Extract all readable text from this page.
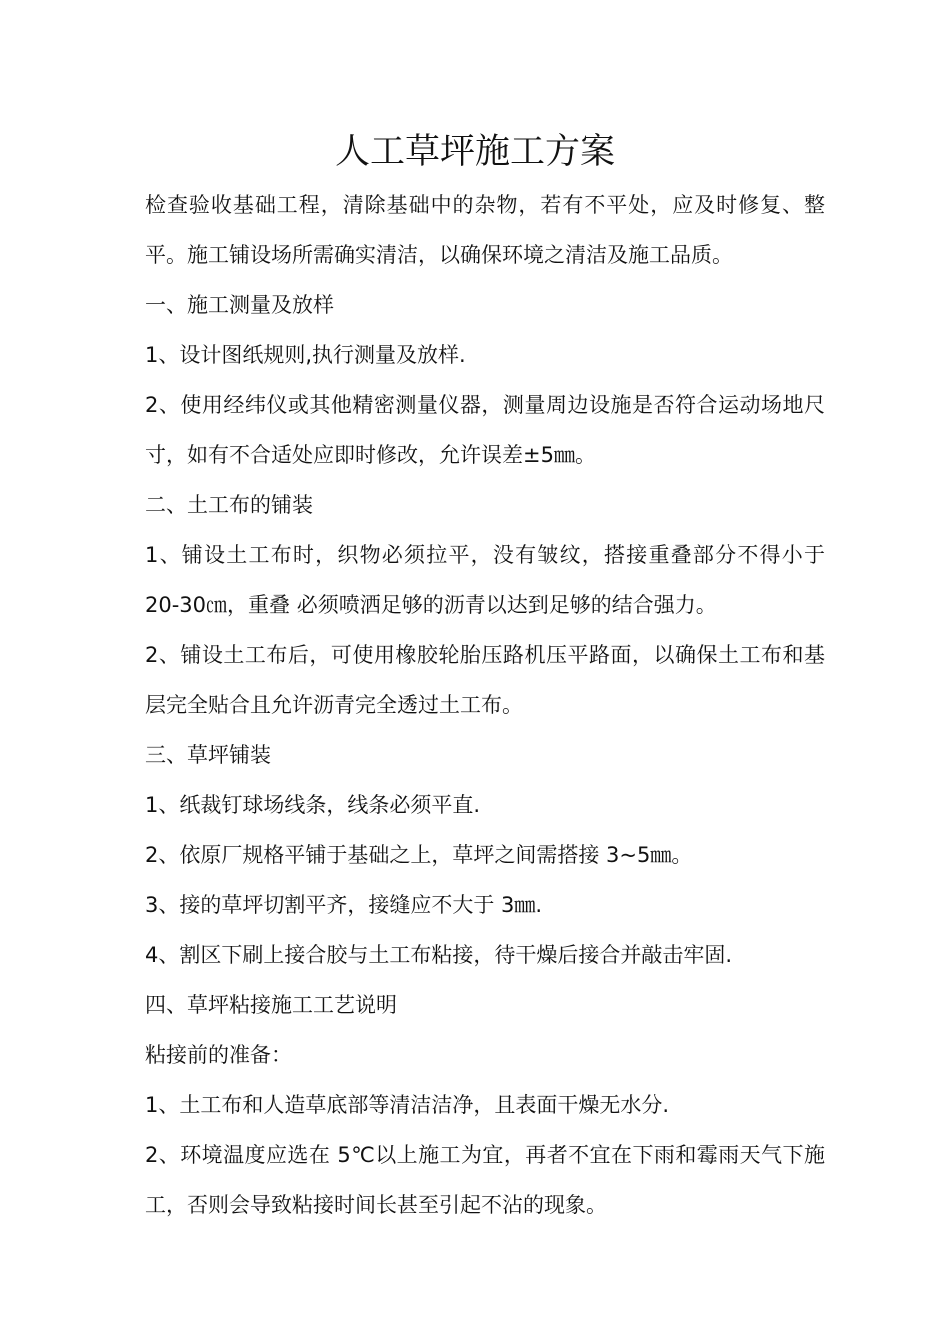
人工草坪施工方案

检查验收基础工程，清除基础中的杂物，若有不平处，应及时修复、整平。施工铺设场所需确实清洁，以确保环境之清洁及施工品质。

一、施工测量及放样

1、设计图纸规则,执行测量及放样.

2、使用经纬仪或其他精密测量仪器，测量周边设施是否符合运动场地尺寸，如有不合适处应即时修改，允许误差±5㎜。

二、土工布的铺装

1、铺设土工布时，织物必须拉平，没有皱纹，搭接重叠部分不得小于 20-30㎝，重叠 必须喷洒足够的沥青以达到足够的结合强力。

2、铺设土工布后，可使用橡胶轮胎压路机压平路面，以确保土工布和基层完全贴合且允许沥青完全透过土工布。

三、草坪铺装

1、纸裁钉球场线条，线条必须平直.

2、依原厂规格平铺于基础之上，草坪之间需搭接 3~5㎜。

3、接的草坪切割平齐，接缝应不大于 3㎜.

4、割区下刷上接合胶与土工布粘接，待干燥后接合并敲击牢固.

四、草坪粘接施工工艺说明

粘接前的准备：

1、土工布和人造草底部等清洁洁净，且表面干燥无水分.

2、环境温度应选在 5℃以上施工为宜，再者不宜在下雨和霉雨天气下施工，否则会导致粘接时间长甚至引起不沾的现象。
